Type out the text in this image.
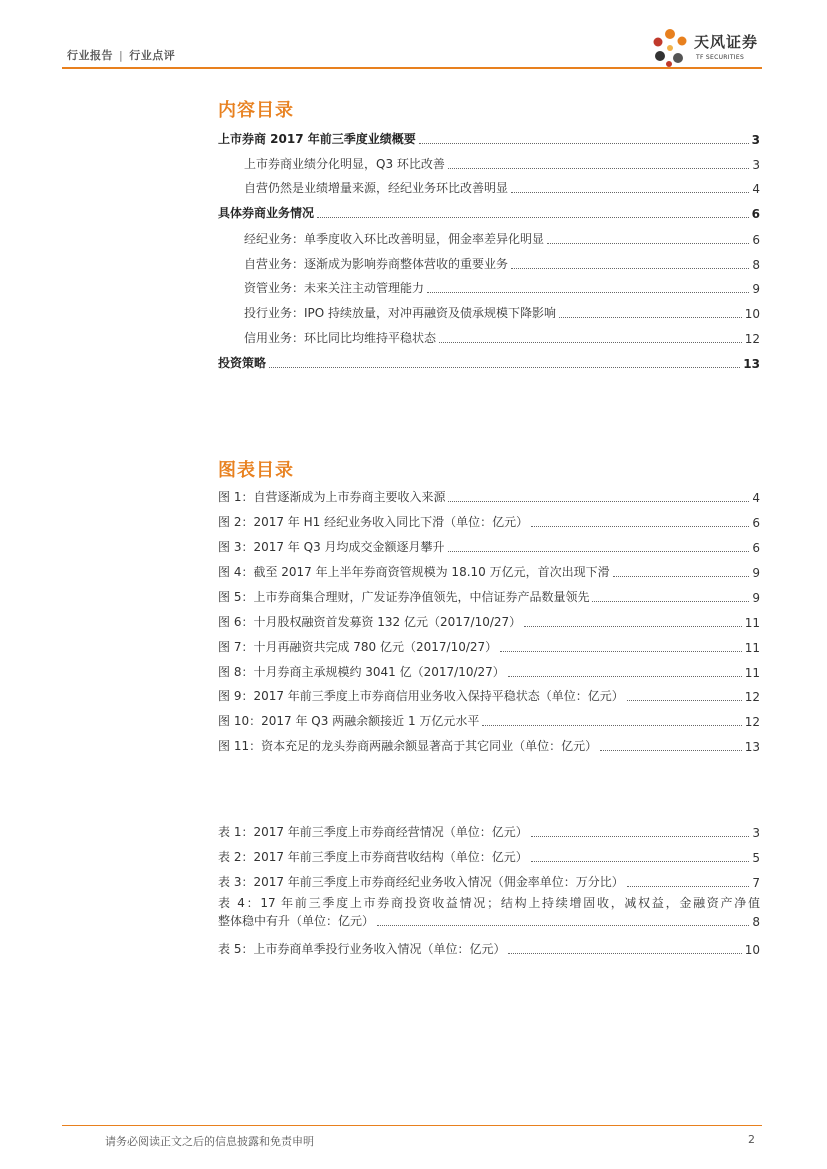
行业报告 | 行业点评
天风证券
TF SECURITIES
内容目录
上市券商 2017 年前三季度业绩概要	3
上市券商业绩分化明显，Q3 环比改善	3
自营仍然是业绩增量来源，经纪业务环比改善明显	4
具体券商业务情况	6
经纪业务：单季度收入环比改善明显，佣金率差异化明显	6
自营业务：逐渐成为影响券商整体营收的重要业务	8
资管业务：未来关注主动管理能力	9
投行业务：IPO 持续放量，对冲再融资及债承规模下降影响	10
信用业务：环比同比均维持平稳状态	12
投资策略	13
图表目录
图 1：自营逐渐成为上市券商主要收入来源	4
图 2：2017 年 H1 经纪业务收入同比下滑（单位：亿元）	6
图 3：2017 年 Q3 月均成交金额逐月攀升	6
图 4：截至 2017 年上半年券商资管规模为 18.10 万亿元，首次出现下滑	9
图 5：上市券商集合理财，广发证券净值领先，中信证券产品数量领先	9
图 6：十月股权融资首发募资 132 亿元（2017/10/27）	11
图 7：十月再融资共完成 780 亿元（2017/10/27）	11
图 8：十月券商主承规模约 3041 亿（2017/10/27）	11
图 9：2017 年前三季度上市券商信用业务收入保持平稳状态（单位：亿元）	12
图 10：2017 年 Q3 两融余额接近 1 万亿元水平	12
图 11：资本充足的龙头券商两融余额显著高于其它同业（单位：亿元）	13
表 1：2017 年前三季度上市券商经营情况（单位：亿元）	3
表 2：2017 年前三季度上市券商营收结构（单位：亿元）	5
表 3：2017 年前三季度上市券商经纪业务收入情况（佣金率单位：万分比）	7
表 4：17 年前三季度上市券商投资收益情况；结构上持续增固收，减权益，金融资产净值
整体稳中有升（单位：亿元）	8
表 5：上市券商单季投行业务收入情况（单位：亿元）	10
请务必阅读正文之后的信息披露和免责申明	2
